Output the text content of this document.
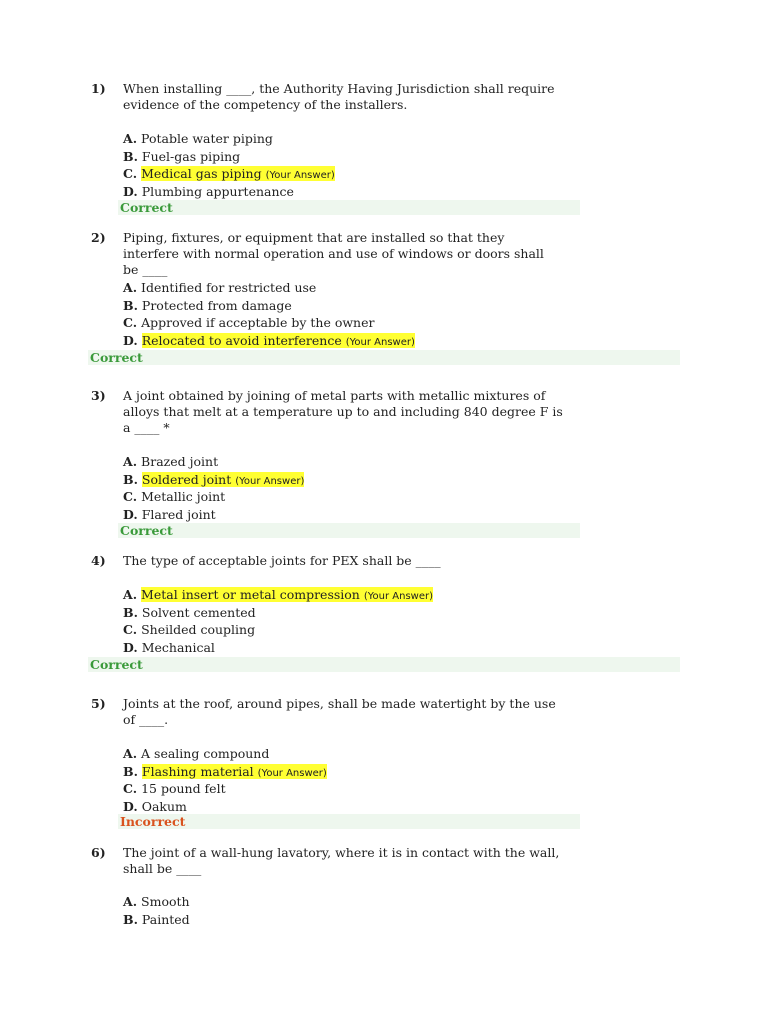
1) When installing ____, the Authority Having Jurisdiction shall require evidence of the competency of the installers.
A. Potable water piping
B. Fuel-gas piping
C. Medical gas piping (Your Answer)
D. Plumbing appurtenance
Correct
2) Piping, fixtures, or equipment that are installed so that they interfere with normal operation and use of windows or doors shall be ____
A. Identified for restricted use
B. Protected from damage
C. Approved if acceptable by the owner
D. Relocated to avoid interference (Your Answer)
Correct
3) A joint obtained by joining of metal parts with metallic mixtures of alloys that melt at a temperature up to and including 840 degree F is a ____ *
A. Brazed joint
B. Soldered joint (Your Answer)
C. Metallic joint
D. Flared joint
Correct
4) The type of acceptable joints for PEX shall be ____
A. Metal insert or metal compression (Your Answer)
B. Solvent cemented
C. Sheilded coupling
D. Mechanical
Correct
5) Joints at the roof, around pipes, shall be made watertight by the use of ____.
A. A sealing compound
B. Flashing material (Your Answer)
C. 15 pound felt
D. Oakum
Incorrect
6) The joint of a wall-hung lavatory, where it is in contact with the wall, shall be ____
A. Smooth
B. Painted
